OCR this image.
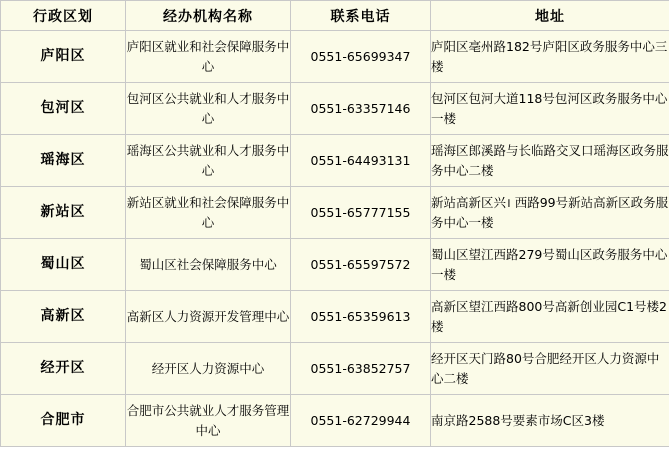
行政区划	经办机构名称	联系电话	地址
庐阳区	庐阳区就业和社会保障服务中心	0551-65699347	庐阳区亳州路182号庐阳区政务服务中心三楼
包河区	包河区公共就业和人才服务中心	0551-63357146	包河区包河大道118号包河区政务服务中心一楼
瑶海区	瑶海区公共就业和人才服务中心	0551-64493131	瑶海区郎溪路与长临路交叉口瑶海区政务服务中心二楼
新站区	新站区就业和社会保障服务中心	0551-65777155	新站高新区兴। 西路99号新站高新区政务服务中心一楼
蜀山区	蜀山区社会保障服务中心	0551-65597572	蜀山区望江西路279号蜀山区政务服务中心一楼
高新区	高新区人力资源开发管理中心	0551-65359613	高新区望江西路800号高新创业园C1号楼2楼
经开区	经开区人力资源中心	0551-63852757	经开区天门路80号合肥经开区人力资源中心二楼
合肥市	合肥市公共就业人才服务管理中心	0551-62729944	南京路2588号要素市场C区3楼
